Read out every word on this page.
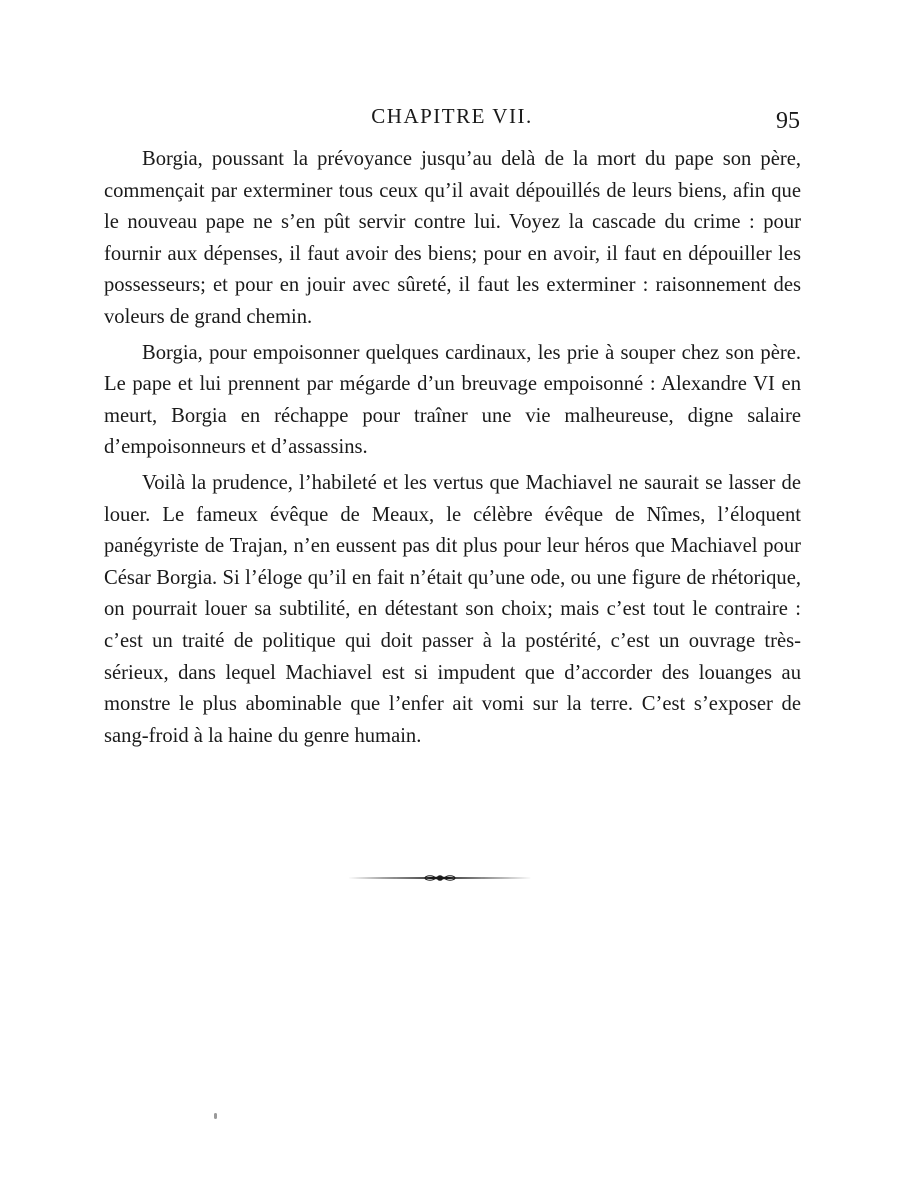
CHAPITRE VII.	95

Borgia, poussant la prévoyance jusqu’au delà de la mort du pape son père, commençait par exterminer tous ceux qu’il avait dépouillés de leurs biens, afin que le nouveau pape ne s’en pût servir contre lui. Voyez la cascade du crime : pour fournir aux dépenses, il faut avoir des biens; pour en avoir, il faut en dépouiller les possesseurs; et pour en jouir avec sûreté, il faut les exterminer : raisonnement des voleurs de grand chemin.

Borgia, pour empoisonner quelques cardinaux, les prie à souper chez son père. Le pape et lui prennent par mégarde d’un breuvage empoisonné : Alexandre VI en meurt, Borgia en réchappe pour traîner une vie malheureuse, digne salaire d’empoisonneurs et d’assassins.

Voilà la prudence, l’habileté et les vertus que Machiavel ne saurait se lasser de louer. Le fameux évêque de Meaux, le célèbre évêque de Nîmes, l’éloquent panégyriste de Trajan, n’en eussent pas dit plus pour leur héros que Machiavel pour César Borgia. Si l’éloge qu’il en fait n’était qu’une ode, ou une figure de rhétorique, on pourrait louer sa subtilité, en détestant son choix; mais c’est tout le contraire : c’est un traité de politique qui doit passer à la postérité, c’est un ouvrage très-sérieux, dans lequel Machiavel est si impudent que d’accorder des louanges au monstre le plus abominable que l’enfer ait vomi sur la terre. C’est s’exposer de sang-froid à la haine du genre humain.
